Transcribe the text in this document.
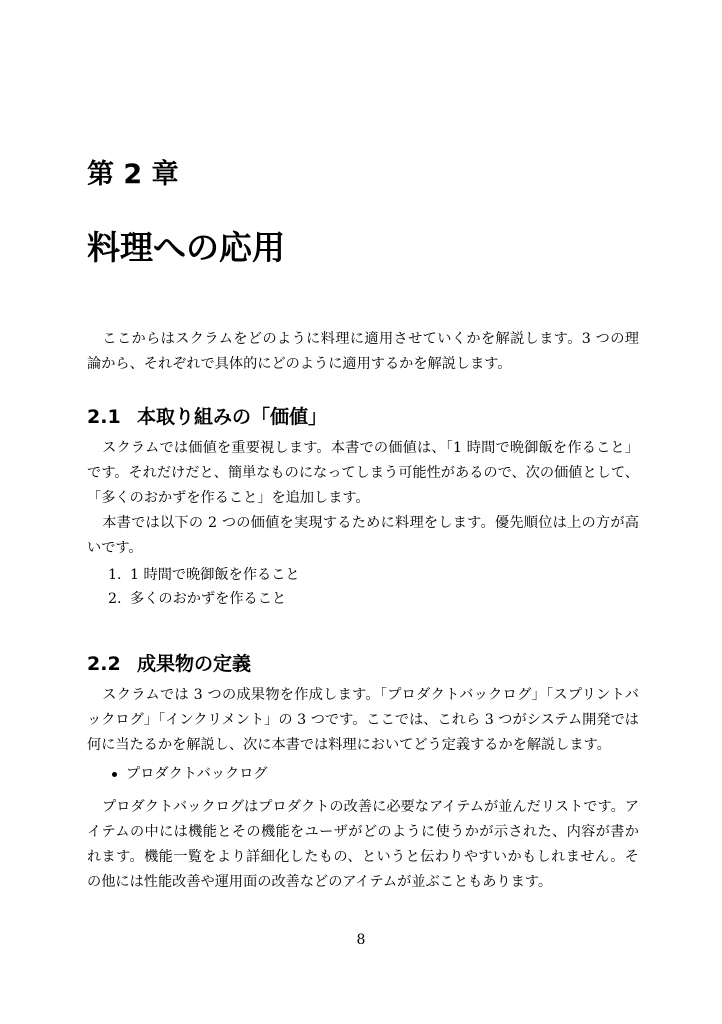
第 2 章
料理への応用

ここからはスクラムをどのように料理に適用させていくかを解説します。3 つの理論から、それぞれで具体的にどのように適用するかを解説します。

2.1 本取り組みの「価値」

スクラムでは価値を重要視します。本書での価値は、「1 時間で晩御飯を作ること」です。それだけだと、簡単なものになってしまう可能性があるので、次の価値として、「多くのおかずを作ること」を追加します。

本書では以下の 2 つの価値を実現するために料理をします。優先順位は上の方が高いです。

1. 1 時間で晩御飯を作ること
2. 多くのおかずを作ること
2.2 成果物の定義

スクラムでは 3 つの成果物を作成します。「プロダクトバックログ」「スプリントバックログ」「インクリメント」の 3 つです。ここでは、これら 3 つがシステム開発では何に当たるかを解説し、次に本書では料理においてどう定義するかを解説します。

プロダクトバックログ

プロダクトバックログはプロダクトの改善に必要なアイテムが並んだリストです。アイテムの中には機能とその機能をユーザがどのように使うかが示された、内容が書かれます。機能一覧をより詳細化したもの、というと伝わりやすいかもしれません。その他には性能改善や運用面の改善などのアイテムが並ぶこともあります。

8
